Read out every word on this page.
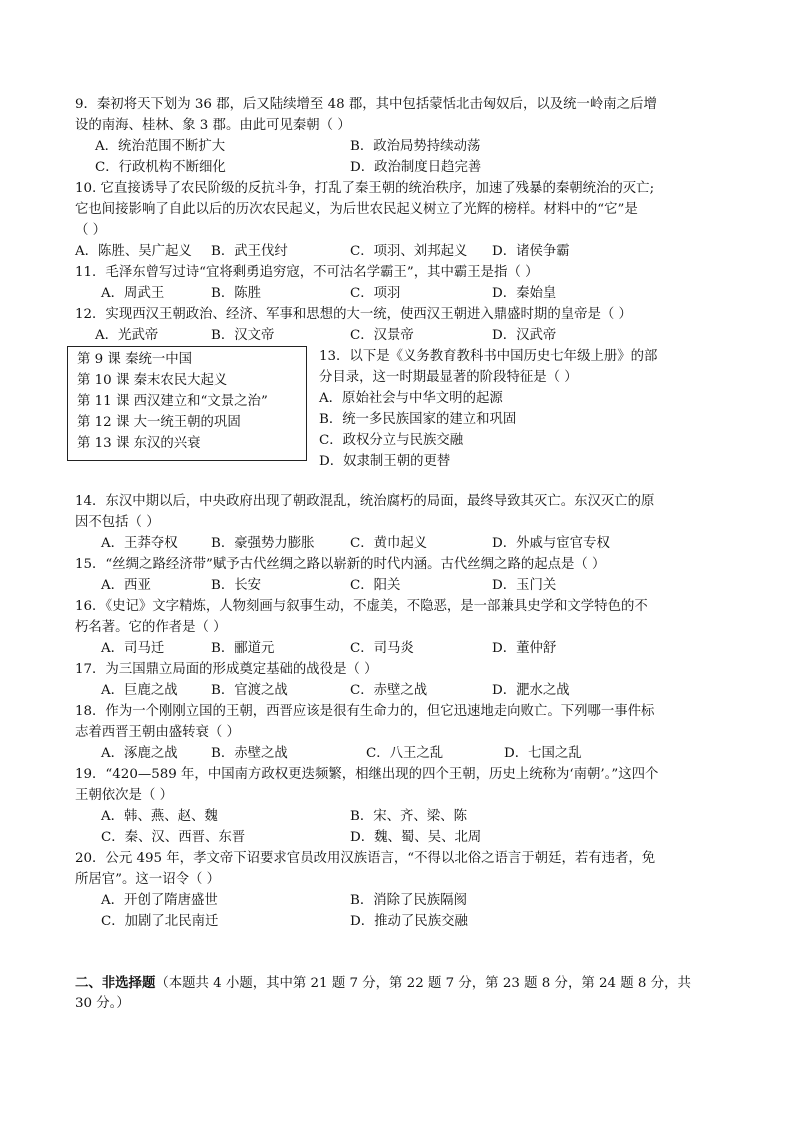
9．秦初将天下划为 36 郡，后又陆续增至 48 郡，其中包括蒙恬北击匈奴后，以及统一岭南之后增
设的南海、桂林、象 3 郡。由此可见秦朝（ ）
A．统治范围不断扩大	B．政治局势持续动荡
C．行政机构不断细化	D．政治制度日趋完善
10. 它直接诱导了农民阶级的反抗斗争，打乱了秦王朝的统治秩序，加速了残暴的秦朝统治的灭亡;
它也间接影响了自此以后的历次农民起义，为后世农民起义树立了光辉的榜样。材料中的“它”是
（ ）
A．陈胜、吴广起义 B．武王伐纣	C．项羽、刘邦起义 D．诸侯争霸
11．毛泽东曾写过诗“宜将剩勇追穷寇，不可沽名学霸王”，其中霸王是指（ ）
A．周武王	B．陈胜	C．项羽	D．秦始皇
12．实现西汉王朝政治、经济、军事和思想的大一统，使西汉王朝进入鼎盛时期的皇帝是（ ）
A．光武帝	B．汉文帝	C．汉景帝	D．汉武帝
第 9 课 秦统一中国
第 10 课 秦末农民大起义
第 11 课 西汉建立和“文景之治”
第 12 课 大一统王朝的巩固
第 13 课 东汉的兴衰
13．以下是《义务教育教科书中国历史七年级上册》的部
分目录，这一时期最显著的阶段特征是（ ）
A．原始社会与中华文明的起源
B．统一多民族国家的建立和巩固
C．政权分立与民族交融
D．奴隶制王朝的更替
14．东汉中期以后，中央政府出现了朝政混乱，统治腐朽的局面，最终导致其灭亡。东汉灭亡的原
因不包括（ ）
A．王莽夺权 B．豪强势力膨胀	C．黄巾起义	D．外戚与宦官专权
15．“丝绸之路经济带”赋予古代丝绸之路以崭新的时代内涵。古代丝绸之路的起点是（ ）
A．西亚	B．长安	C．阳关	D．玉门关
16．《史记》文字精炼，人物刻画与叙事生动，不虚美，不隐恶，是一部兼具史学和文学特色的不
朽名著。它的作者是（ ）
A．司马迁	B．郦道元	C．司马炎	D．董仲舒
17．为三国鼎立局面的形成奠定基础的战役是（ ）
A．巨鹿之战 B．官渡之战	C．赤壁之战	D．淝水之战
18．作为一个刚刚立国的王朝，西晋应该是很有生命力的，但它迅速地走向败亡。下列哪一事件标
志着西晋王朝由盛转衰（ ）
A．涿鹿之战 B．赤壁之战	C．八王之乱	D．七国之乱
19．“420—589 年，中国南方政权更迭频繁，相继出现的四个王朝，历史上统称为‘南朝’。”这四个
王朝依次是（ ）
A．韩、燕、赵、魏	B．宋、齐、梁、陈
C．秦、汉、西晋、东晋	D．魏、蜀、吴、北周
20．公元 495 年，孝文帝下诏要求官员改用汉族语言，“不得以北俗之语言于朝廷，若有违者，免
所居官”。这一诏令（ ）
A．开创了隋唐盛世	B．消除了民族隔阂
C．加剧了北民南迁	D．推动了民族交融
二、非选择题（本题共 4 小题，其中第 21 题 7 分，第 22 题 7 分，第 23 题 8 分，第 24 题 8 分，共
30 分。）
